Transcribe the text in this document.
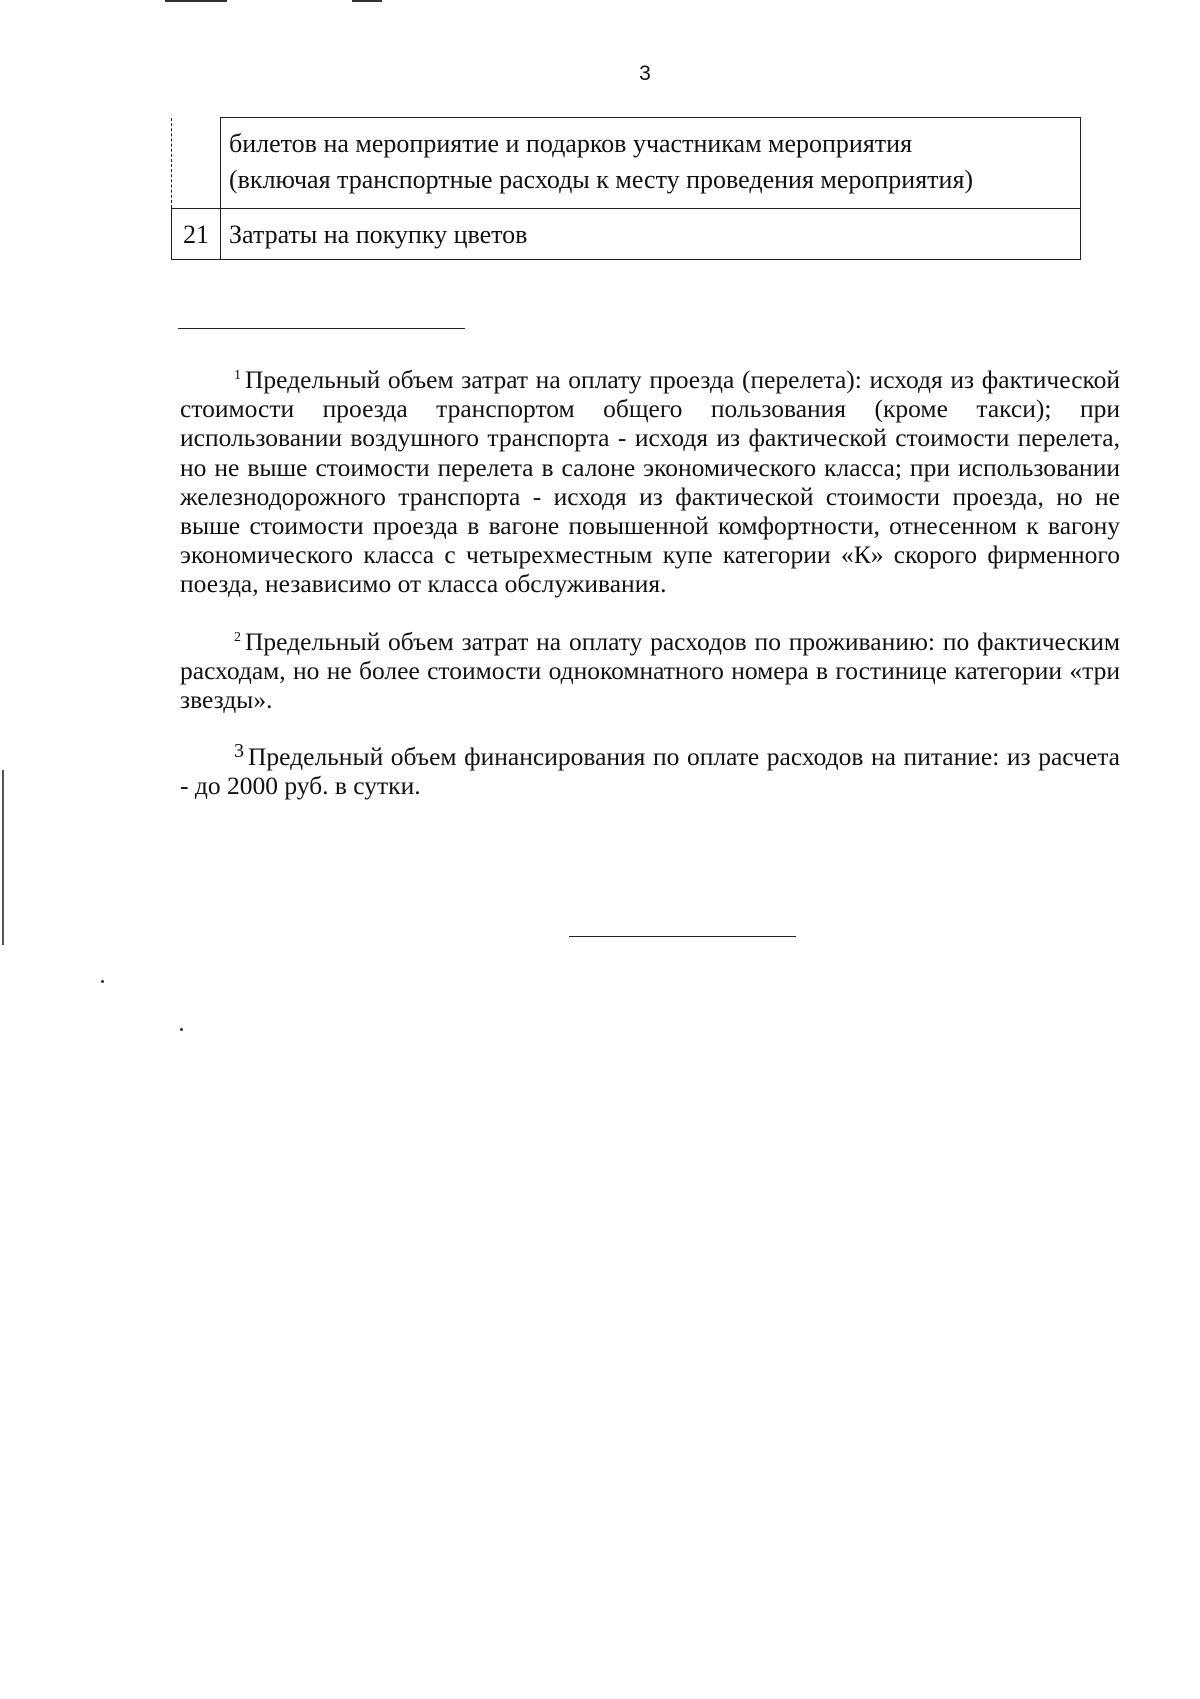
3
	билетов на мероприятие и подарков участникам мероприятия
(включая транспортные расходы к месту проведения мероприятия)
21	Затраты на покупку цветов

$^1$ Предельный объем затрат на оплату проезда (перелета): исходя из фактической стоимости проезда транспортом общего пользования (кроме такси); при использовании воздушного транспорта - исходя из фактической стоимости перелета, но не выше стоимости перелета в салоне экономического класса; при использовании железнодорожного транспорта - исходя из фактической стоимости проезда, но не выше стоимости проезда в вагоне повышенной комфортности, отнесенном к вагону экономического класса с четырехместным купе категории «К» скорого фирменного поезда, независимо от класса обслуживания.

$^2$ Предельный объем затрат на оплату расходов по проживанию: по фактическим расходам, но не более стоимости однокомнатного номера в гостинице категории «три звезды».

$^3$ Предельный объем финансирования по оплате расходов на питание: из расчета - до 2000 руб. в сутки.
